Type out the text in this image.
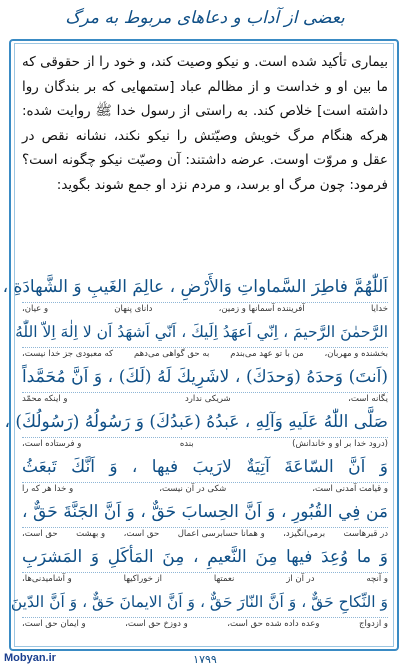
بعضی از آداب و دعاهای مربوط به مرگ

بیماری تأکید شده است. و نیکو وصیت کند، و خود را از حقوقی که ما بین او و خداست و از مظالم عباد [ستمهایی که بر بندگان روا داشته است] خلاص کند. به راستی از رسول خدا ﷺ روایت شده: هرکه هنگام مرگ خویش وصیّتش را نیکو نکند، نشانه نقص در عقل و مروّت اوست. عرضه داشتند: آن وصیّت نیکو چگونه است؟ فرمود: چون مرگ او برسد، و مردم نزد او جمع شوند بگوید:

اَللّٰهُمَّ فاطِرَ السَّماواتِ وَالأَرْضِ ، عالِمَ الغَيبِ وَ الشَّهادَةِ ،
خدایا
آفریننده آسمانها و زمین،
دانای پنهان
و عیان،
الرَّحمٰنَ الرَّحيمَ ، اِنّي اَعهَدُ اِلَيكَ ، اَنّي اَشهَدُ اَن لا اِلٰهَ اِلاّ اللّٰهُ
بخشنده و مهربان،
من با تو عهد می‌بندم
به حق گواهی می‌دهم
که معبودی جز خدا نیست،
(اَنتَ) وَحدَهُ (وَحدَكَ) ، لاشَرِيكَ لَهُ (لَكَ) ، وَ اَنَّ مُحَمَّداً
یگانه است،
شریکی ندارد
و اینکه محمّد
صَلَّى اللّٰهُ عَلَيهِ وَآلِهِ ، عَبدُهُ (عَبدُكَ) وَ رَسُولُهُ (رَسُولُكَ) ،
(درود خدا بر او و خاندانش)
بنده
و فرستاده است،
وَ اَنَّ السّاعَةَ آتِيَةٌ لارَيبَ فيها ، وَ اَنَّكَ تَبعَثُ
و قیامت آمدنی است،
شکی در آن نیست،
و خدا هر که را
مَن فِي القُبُورِ ، وَ اَنَّ الحِسابَ حَقٌّ ، وَ اَنَّ الجَنَّةَ حَقٌّ ،
در قبرهاست
برمی‌انگیزد،
و همانا حسابرسی اعمال
حق است،
و بهشت
حق است،
وَ ما وُعِدَ فيها مِنَ النَّعيمِ ، مِنَ المَأكَلِ وَ المَشرَبِ
و آنچه
در آن از
نعمتها
از خوراکیها
و آشامیدنی‌ها،
وَ النِّكاحِ حَقٌّ ، وَ اَنَّ النّارَ حَقٌّ ، وَ اَنَّ الايمانَ حَقٌّ ، وَ اَنَّ الدّينَ
و ازدواج
وعده داده شده حق است،
و دوزخ حق است،
و ایمان حق است،
۱۷۹۹
Mobyan.ir
